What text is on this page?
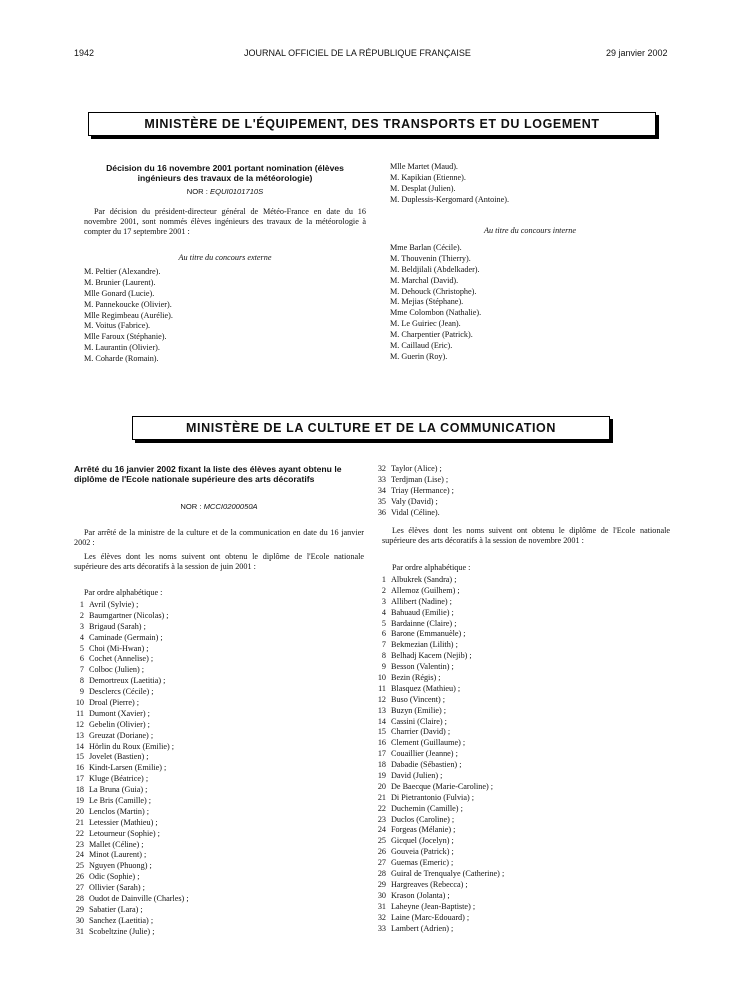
1942	JOURNAL OFFICIEL DE LA RÉPUBLIQUE FRANÇAISE	29 janvier 2002
MINISTÈRE DE L'ÉQUIPEMENT, DES TRANSPORTS ET DU LOGEMENT
Décision du 16 novembre 2001 portant nomination (élèves ingénieurs des travaux de la météorologie)
NOR : EQUI0101710S
Par décision du président-directeur général de Météo-France en date du 16 novembre 2001, sont nommés élèves ingénieurs des travaux de la météorologie à compter du 17 septembre 2001 :
Au titre du concours externe
M. Peltier (Alexandre).
M. Brunier (Laurent).
Mlle Gonard (Lucie).
M. Pannekoucke (Olivier).
Mlle Regimbeau (Aurélie).
M. Voitus (Fabrice).
Mlle Faroux (Stéphanie).
M. Laurantin (Olivier).
M. Coharde (Romain).
Mlle Martet (Maud).
M. Kapikian (Etienne).
M. Desplat (Julien).
M. Duplessis-Kergomard (Antoine).
Au titre du concours interne
Mme Barlan (Cécile).
M. Thouvenin (Thierry).
M. Beldjilali (Abdelkader).
M. Marchal (David).
M. Dehouck (Christophe).
M. Mejias (Stéphane).
Mme Colombon (Nathalie).
M. Le Guiriec (Jean).
M. Charpentier (Patrick).
M. Caillaud (Eric).
M. Guerin (Roy).
MINISTÈRE DE LA CULTURE ET DE LA COMMUNICATION
Arrêté du 16 janvier 2002 fixant la liste des élèves ayant obtenu le diplôme de l'Ecole nationale supérieure des arts décoratifs
NOR : MCCI0200050A
Par arrêté de la ministre de la culture et de la communication en date du 16 janvier 2002 :
Les élèves dont les noms suivent ont obtenu le diplôme de l'Ecole nationale supérieure des arts décoratifs à la session de juin 2001 :
Par ordre alphabétique :
1 Avril (Sylvie) ;
2 Baumgartner (Nicolas) ;
3 Brigaud (Sarah) ;
4 Caminade (Germain) ;
5 Choi (Mi-Hwan) ;
6 Cochet (Annelise) ;
7 Colboc (Julien) ;
8 Demortreux (Laetitia) ;
9 Desclercs (Cécile) ;
10 Droal (Pierre) ;
11 Dumont (Xavier) ;
12 Gebelin (Olivier) ;
13 Greuzat (Doriane) ;
14 Hörlin du Roux (Emilie) ;
15 Jovelet (Bastien) ;
16 Kindt-Larsen (Emilie) ;
17 Kluge (Béatrice) ;
18 La Bruna (Guia) ;
19 Le Bris (Camille) ;
20 Lenclos (Martin) ;
21 Letessier (Mathieu) ;
22 Letourneur (Sophie) ;
23 Mallet (Céline) ;
24 Minot (Laurent) ;
25 Nguyen (Phuong) ;
26 Odic (Sophie) ;
27 Ollivier (Sarah) ;
28 Oudot de Dainville (Charles) ;
29 Sabatier (Lara) ;
30 Sanchez (Laetitia) ;
31 Scobeltzine (Julie) ;
32 Taylor (Alice) ;
33 Terdjman (Lise) ;
34 Triay (Hermance) ;
35 Valy (David) ;
36 Vidal (Céline).
Les élèves dont les noms suivent ont obtenu le diplôme de l'Ecole nationale supérieure des arts décoratifs à la session de novembre 2001 :
Par ordre alphabétique :
1 Albukrek (Sandra) ;
2 Allemoz (Guilhem) ;
3 Allibert (Nadine) ;
4 Bahuaud (Emilie) ;
5 Bardainne (Claire) ;
6 Barone (Emmanuèle) ;
7 Bekmezian (Lilith) ;
8 Belhadj Kacem (Nejib) ;
9 Besson (Valentin) ;
10 Bezin (Régis) ;
11 Blasquez (Mathieu) ;
12 Buso (Vincent) ;
13 Buzyn (Emilie) ;
14 Cassini (Claire) ;
15 Charrier (David) ;
16 Clement (Guillaume) ;
17 Couaillier (Jeanne) ;
18 Dabadie (Sébastien) ;
19 David (Julien) ;
20 De Baecque (Marie-Caroline) ;
21 Di Pietrantonio (Fulvia) ;
22 Duchemin (Camille) ;
23 Duclos (Caroline) ;
24 Forgeas (Mélanie) ;
25 Gicquel (Jocelyn) ;
26 Gouveia (Patrick) ;
27 Guemas (Emeric) ;
28 Guiral de Trenqualye (Catherine) ;
29 Hargreaves (Rebecca) ;
30 Krason (Jolanta) ;
31 Laheyne (Jean-Baptiste) ;
32 Laine (Marc-Edouard) ;
33 Lambert (Adrien) ;
